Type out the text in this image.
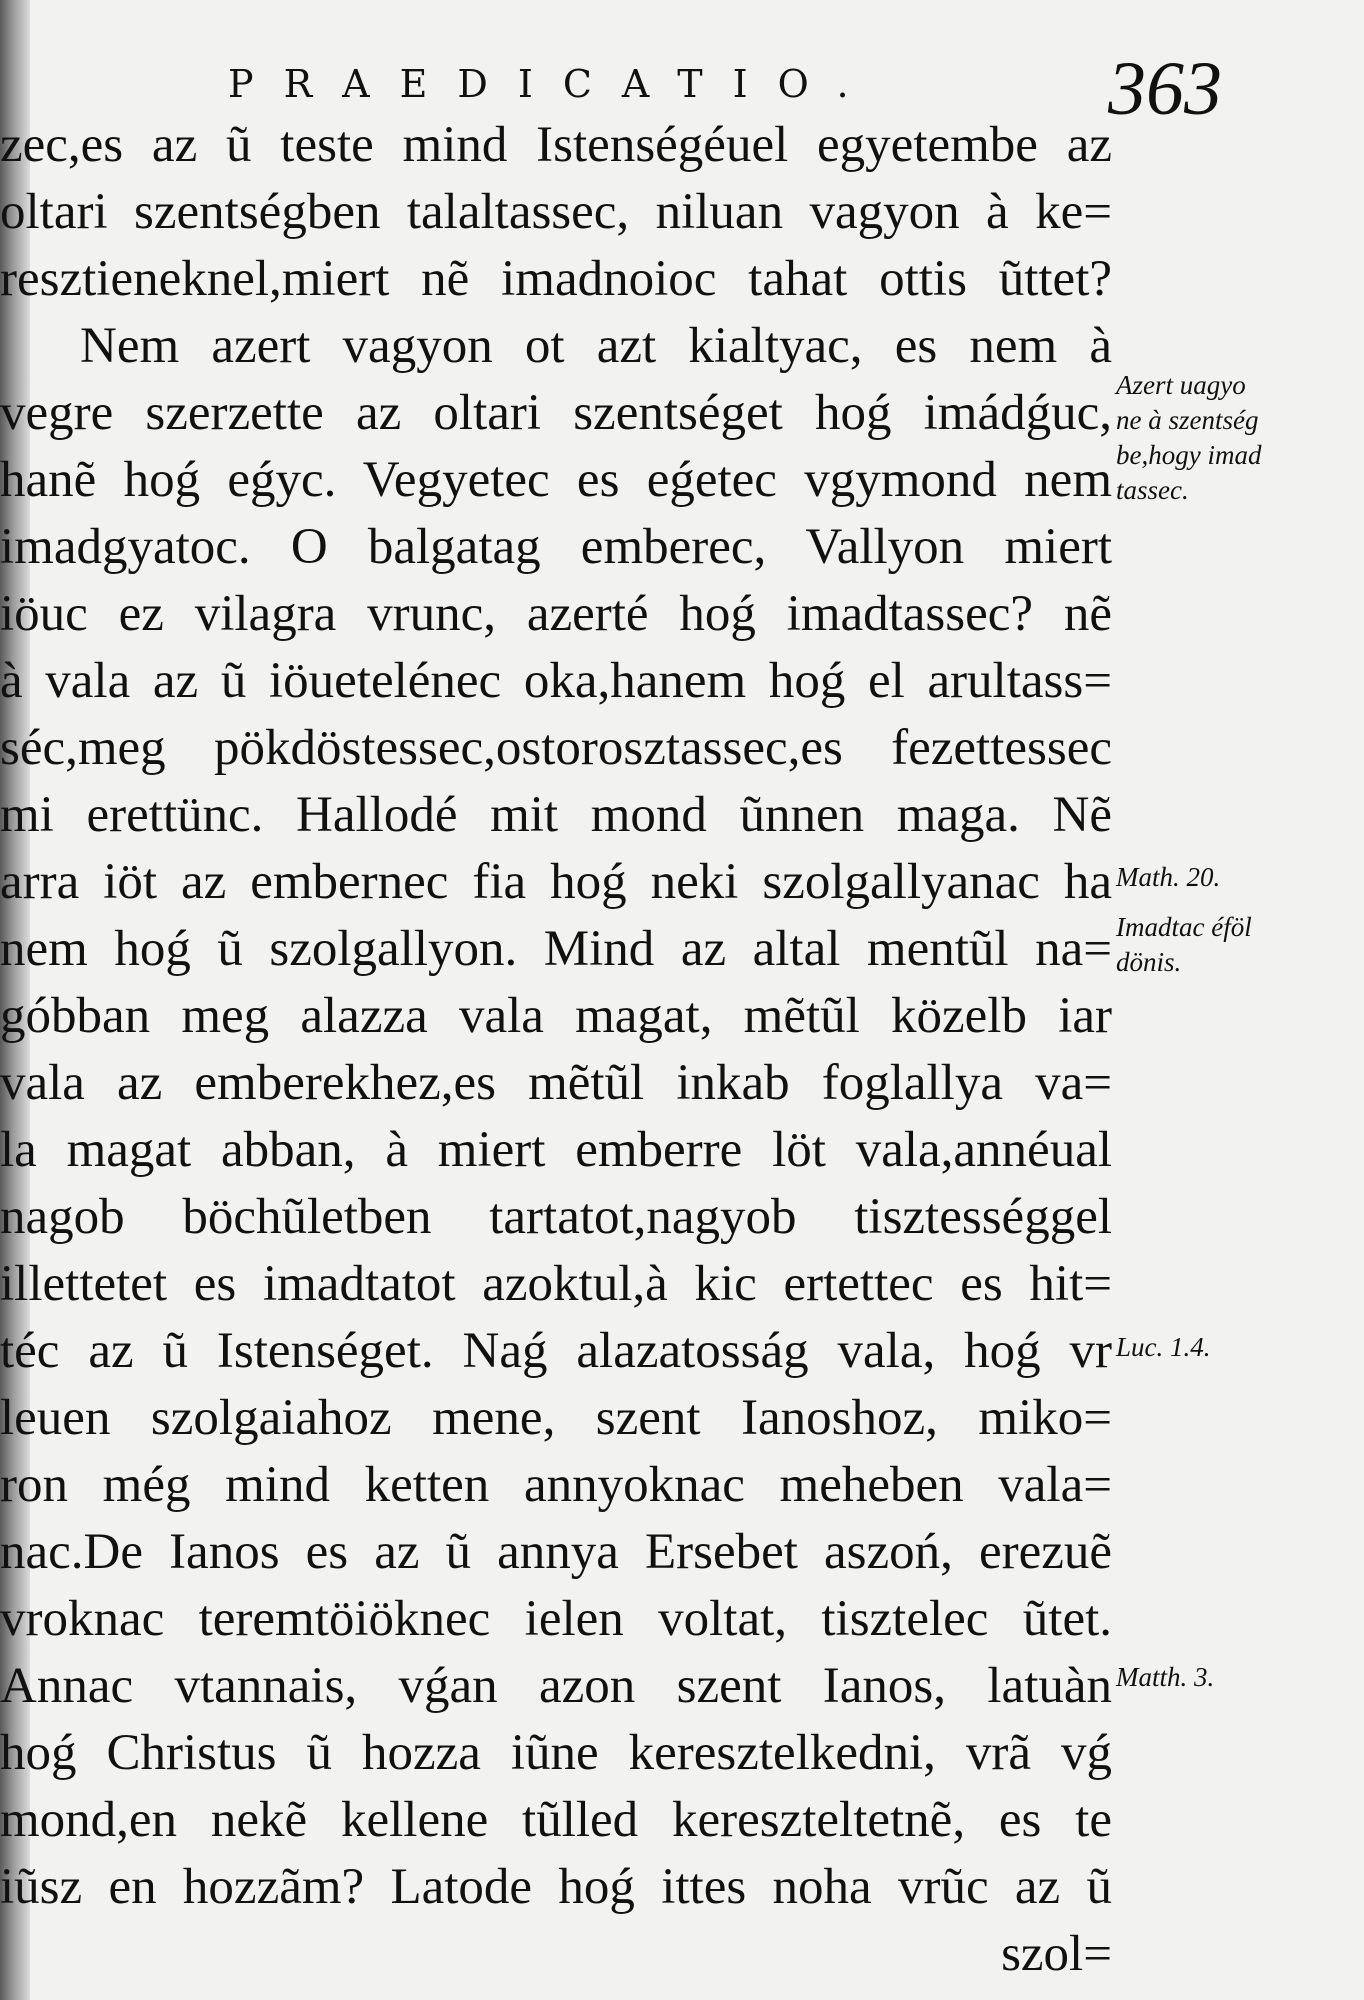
PRAEDICATIO.	363
zec,es az ũ teste mind Istenségéuel egyetembe az
oltari szentségben talaltassec, niluan vagyon à ke=
resztieneknel,miert nẽ imadnoioc tahat ottis ũttet?
Nem azert vagyon ot azt kialtyac, es nem à
vegre szerzette az oltari szentséget hoǵ imádǵuc,
hanẽ hoǵ eǵyc. Vegyetec es eǵetec vgymond nem
imadgyatoc. O balgatag emberec, Vallyon miert
iöuc ez vilagra vrunc, azerté hoǵ imadtassec? nẽ
à vala az ũ iöuetelénec oka,hanem hoǵ el arultass=
séc,meg pökdöstessec,ostorosztassec,es fezettessec
mi erettünc. Hallodé mit mond ũnnen maga. Nẽ
arra iöt az embernec fia hoǵ neki szolgallyanac ha
nem hoǵ ũ szolgallyon. Mind az altal mentũl na=
góbban meg alazza vala magat, mẽtũl közelb iar
vala az emberekhez,es mẽtũl inkab foglallya va=
la magat abban, à miert emberre löt vala,annéual
nagob böchũletben tartatot,nagyob tisztességgel
illettetet es imadtatot azoktul,à kic ertettec es hit=
téc az ũ Istenséget. Naǵ alazatosság vala, hoǵ vr
leuen szolgaiahoz mene, szent Ianoshoz, miko=
ron még mind ketten annyoknac meheben vala=
nac.De Ianos es az ũ annya Ersebet aszoń, erezuẽ
vroknac teremtöiöknec ielen voltat, tisztelec ũtet.
Annac vtannais, vǵan azon szent Ianos, latuàn
hoǵ Christus ũ hozza iũne keresztelkedni, vrã vǵ
mond,en nekẽ kellene tũlled kereszteltetnẽ, es te
iũsz en hozzãm? Latode hoǵ ittes noha vrũc az ũ
szol=
Azert uagyo
ne à szentség
be,hogy imad
tassec.
Math. 20.
Imadtac éföl
dönis.
Luc. 1.4.
Matth. 3.
